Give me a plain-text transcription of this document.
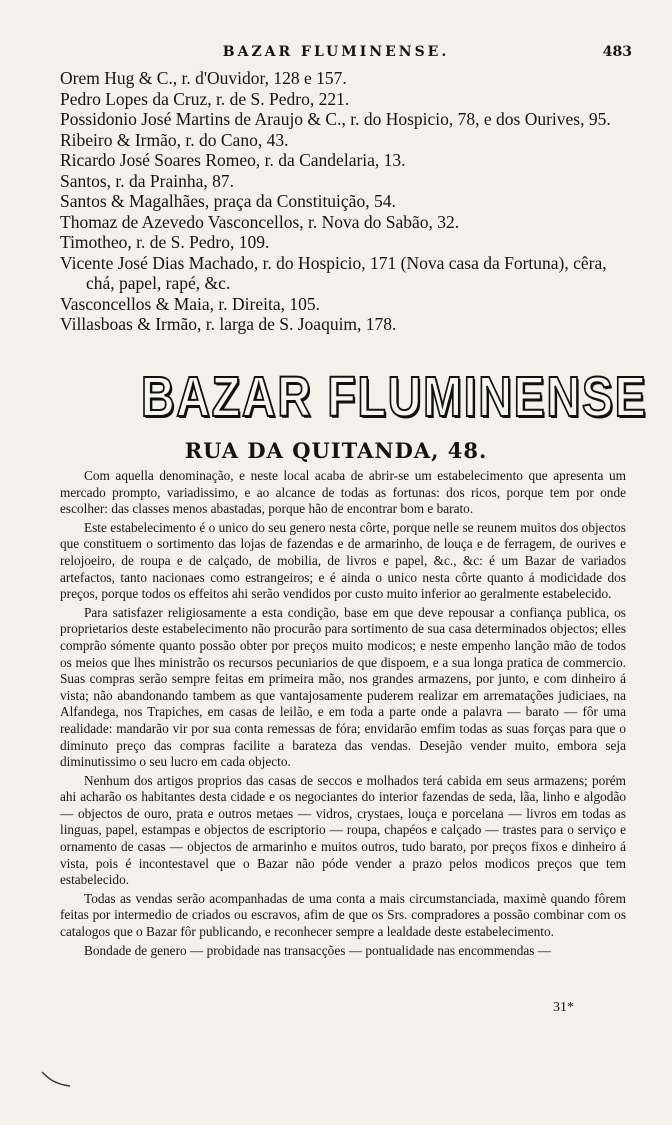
BAZAR FLUMINENSE.	483

Orem Hug & C., r. d'Ouvidor, 128 e 157.

Pedro Lopes da Cruz, r. de S. Pedro, 221.

Possidonio José Martins de Araujo & C., r. do Hospicio, 78, e dos Ourives, 95.

Ribeiro & Irmão, r. do Cano, 43.

Ricardo José Soares Romeo, r. da Candelaria, 13.

Santos, r. da Prainha, 87.

Santos & Magalhães, praça da Constituição, 54.

Thomaz de Azevedo Vasconcellos, r. Nova do Sabão, 32.

Timotheo, r. de S. Pedro, 109.

Vicente José Dias Machado, r. do Hospicio, 171 (Nova casa da Fortuna), cêra, chá, papel, rapé, &c.

Vasconcellos & Maia, r. Direita, 105.

Villasboas & Irmão, r. larga de S. Joaquim, 178.

BAZAR FLUMINENSE
RUA DA QUITANDA, 48.

Com aquella denominação, e neste local acaba de abrir-se um estabelecimento que apresenta um mercado prompto, variadissimo, e ao alcance de todas as fortunas: dos ricos, porque tem por onde escolher: das classes menos abastadas, porque hão de encontrar bom e barato.

Este estabelecimento é o unico do seu genero nesta côrte, porque nelle se reunem muitos dos objectos que constituem o sortimento das lojas de fazendas e de armarinho, de louça e de ferragem, de ourives e relojoeiro, de roupa e de calçado, de mobilia, de livros e papel, &c., &c: é um Bazar de variados artefactos, tanto nacionaes como estrangeiros; e é ainda o unico nesta côrte quanto á modicidade dos preços, porque todos os effeitos ahi serão vendidos por custo muito inferior ao geralmente estabelecido.

Para satisfazer religiosamente a esta condição, base em que deve repousar a confiança publica, os proprietarios deste estabelecimento não procurão para sortimento de sua casa determinados objectos; elles comprão sómente quanto possão obter por preços muito modicos; e neste empenho lanção mão de todos os meios que lhes ministrão os recursos pecuniarios de que dispoem, e a sua longa pratica de commercio. Suas compras serão sempre feitas em primeira mão, nos grandes armazens, por junto, e com dinheiro á vista; não abandonando tambem as que vantajosamente puderem realizar em arrematações judiciaes, na Alfandega, nos Trapiches, em casas de leilão, e em toda a parte onde a palavra — barato — fôr uma realidade: mandarão vir por sua conta remessas de fóra; envidarão emfim todas as suas forças para que o diminuto preço das compras facilite a barateza das vendas. Desejão vender muito, embora seja diminutissimo o seu lucro em cada objecto.

Nenhum dos artigos proprios das casas de seccos e molhados terá cabida em seus armazens; porém ahi acharão os habitantes desta cidade e os negociantes do interior fazendas de seda, lãa, linho e algodão — objectos de ouro, prata e outros metaes — vidros, crystaes, louça e porcelana — livros em todas as linguas, papel, estampas e objectos de escriptorio — roupa, chapéos e calçado — trastes para o serviço e ornamento de casas — objectos de armarinho e muitos outros, tudo barato, por preços fixos e dinheiro á vista, pois é incontestavel que o Bazar não póde vender a prazo pelos modicos preços que tem estabelecido.

Todas as vendas serão acompanhadas de uma conta a mais circumstanciada, maximè quando fôrem feitas por intermedio de criados ou escravos, afim de que os Srs. compradores a possão combinar com os catalogos que o Bazar fôr publicando, e reconhecer sempre a lealdade deste estabelecimento.

Bondade de genero — probidade nas transacções — pontualidade nas encommendas —

31*
